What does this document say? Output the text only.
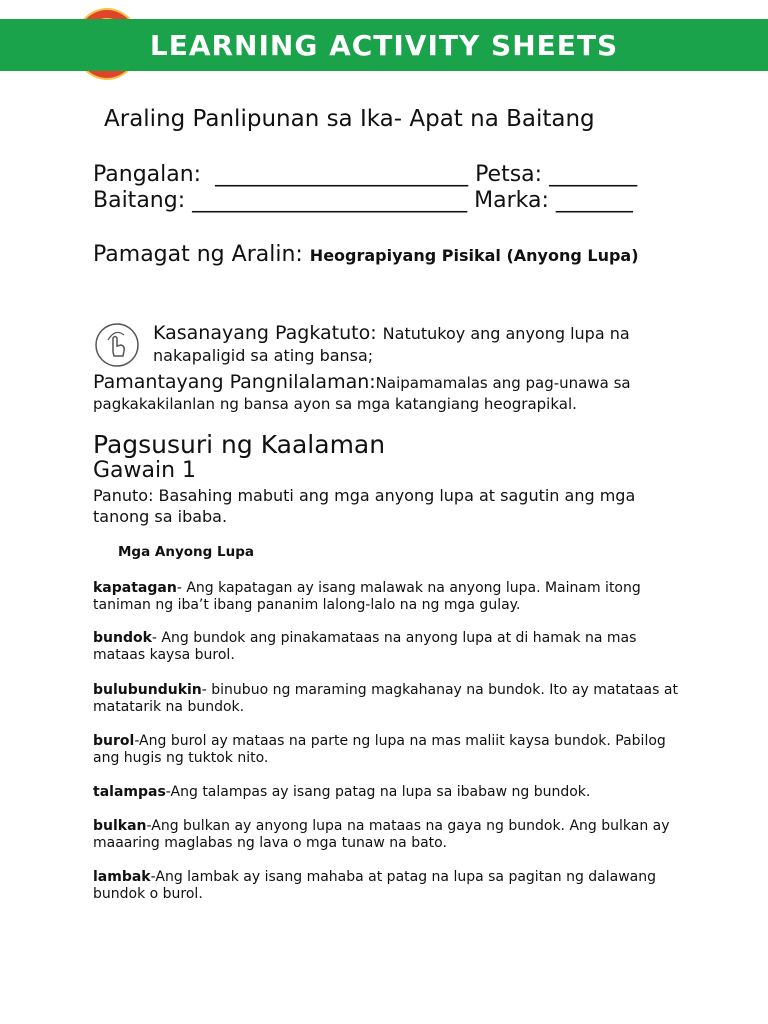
LEARNING ACTIVITY SHEETS
Araling Panlipunan sa Ika- Apat na Baitang
Pangalan:  _______________________ Petsa: ________
Baitang: _________________________ Marka: _______
Pamagat ng Aralin: Heograpiyang Pisikal (Anyong Lupa)
Kasanayang Pagkatuto: Natutukoy ang anyong lupa na nakapaligid sa ating bansa;
Pamantayang Pangnilalaman:Naipamamalas ang pag-unawa sa pagkakakilanlan ng bansa ayon sa mga katangiang heograpikal.
Pagsusuri ng Kaalaman
Gawain 1
Panuto: Basahing mabuti ang mga anyong lupa at sagutin ang mga tanong sa ibaba.
Mga Anyong Lupa
kapatagan- Ang kapatagan ay isang malawak na anyong lupa. Mainam itong taniman ng iba’t ibang pananim lalong-lalo na ng mga gulay.
bundok- Ang bundok ang pinakamataas na anyong lupa at di hamak na mas mataas kaysa burol.
bulubundukin- binubuo ng maraming magkahanay na bundok. Ito ay matataas at matatarik na bundok.
burol-Ang burol ay mataas na parte ng lupa na mas maliit kaysa bundok. Pabilog ang hugis ng tuktok nito.
talampas-Ang talampas ay isang patag na lupa sa ibabaw ng bundok.
bulkan-Ang bulkan ay anyong lupa na mataas na gaya ng bundok. Ang bulkan ay maaaring maglabas ng lava o mga tunaw na bato.
lambak-Ang lambak ay isang mahaba at patag na lupa sa pagitan ng dalawang bundok o burol.
